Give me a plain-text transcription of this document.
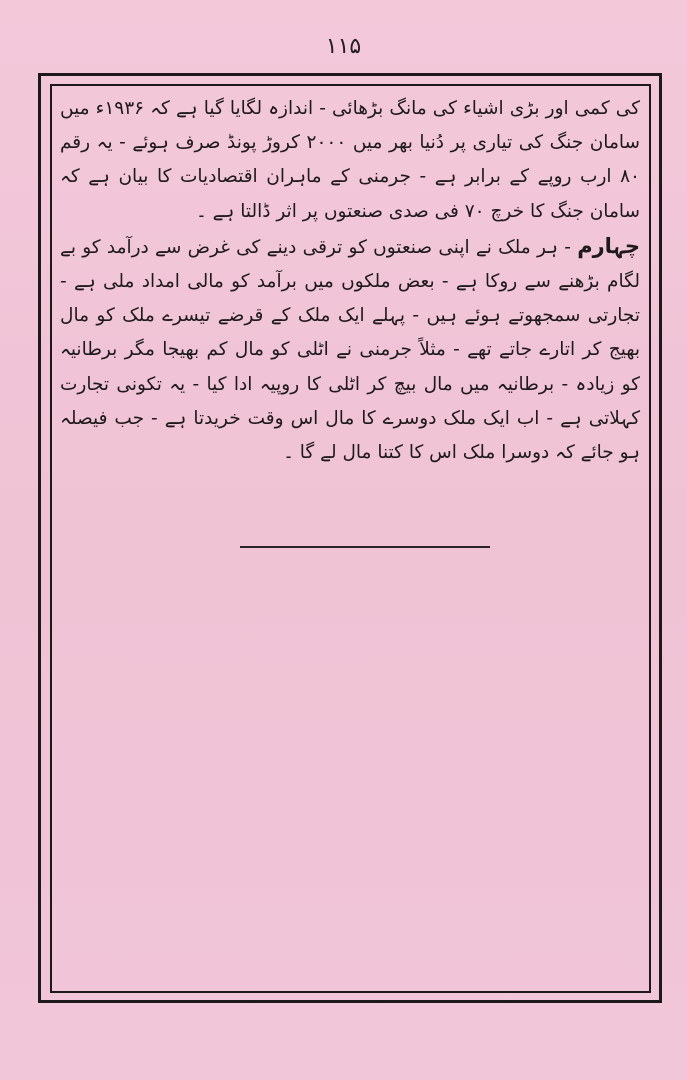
۱۱۵

کی کمی اور بڑی اشیاء کی مانگ بڑھائی - اندازہ لگایا گیا ہے کہ ۱۹۳۶ء میں سامان جنگ کی تیاری پر دُنیا بھر میں ۲۰۰۰ کروڑ پونڈ صرف ہوئے - یہ رقم ۸۰ ارب روپے کے برابر ہے - جرمنی کے ماہران اقتصادیات کا بیان ہے کہ سامان جنگ کا خرچ ۷۰ فی صدی صنعتوں پر اثر ڈالتا ہے ۔

چہارم - ہر ملک نے اپنی صنعتوں کو ترقی دینے کی غرض سے درآمد کو بے لگام بڑھنے سے روکا ہے - بعض ملکوں میں برآمد کو مالی امداد ملی ہے - تجارتی سمجھوتے ہوئے ہیں - پہلے ایک ملک کے قرضے تیسرے ملک کو مال بھیج کر اتارے جاتے تھے - مثلاً جرمنی نے اٹلی کو مال کم بھیجا مگر برطانیہ کو زیادہ - برطانیہ میں مال بیچ کر اٹلی کا روپیہ ادا کیا - یہ تکونی تجارت کہلاتی ہے - اب ایک ملک دوسرے کا مال اس وقت خریدتا ہے - جب فیصلہ ہو جائے کہ دوسرا ملک اس کا کتنا مال لے گا ۔
